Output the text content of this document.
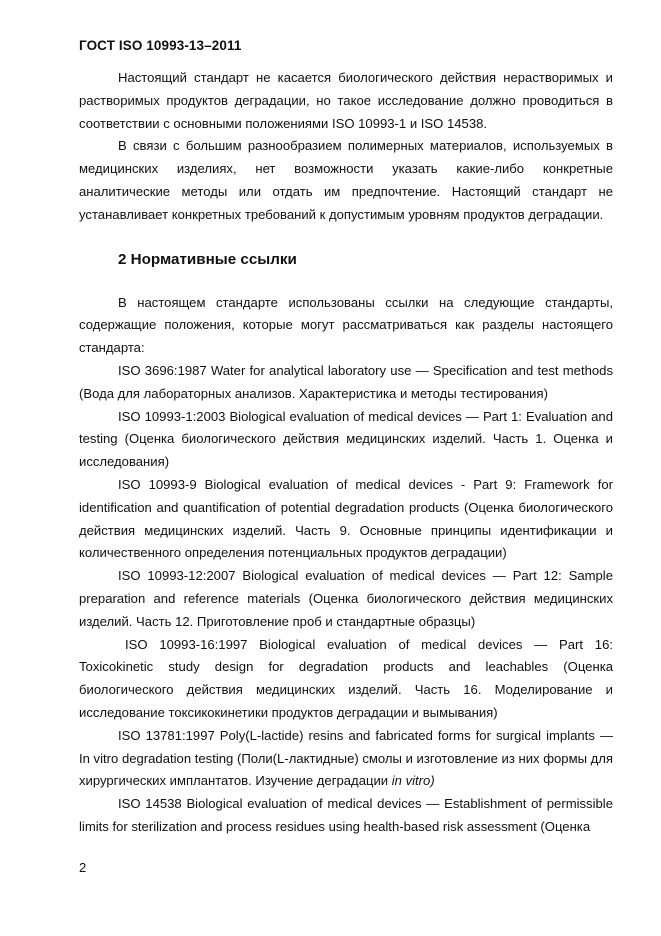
ГОСТ ISO 10993-13–2011

Настоящий стандарт не касается биологического действия нерастворимых и растворимых продуктов деградации, но такое исследование должно проводиться в соответствии с основными положениями ISO 10993-1 и ISO 14538.

В связи с большим разнообразием полимерных материалов, используемых в медицинских изделиях, нет возможности указать какие-либо конкретные аналитические методы или отдать им предпочтение. Настоящий стандарт не устанавливает конкретных требований к допустимым уровням продуктов деградации.

2 Нормативные ссылки

В настоящем стандарте использованы ссылки на следующие стандарты, содержащие положения, которые могут рассматриваться как разделы настоящего стандарта:

ISO 3696:1987 Water for analytical laboratory use — Specification and test methods (Вода для лабораторных анализов. Характеристика и методы тестирования)

ISO 10993-1:2003 Biological evaluation of medical devices — Part 1: Evaluation and testing (Оценка биологического действия медицинских изделий. Часть 1. Оценка и исследования)

ISO 10993-9 Biological evaluation of medical devices - Part 9: Framework for identification and quantification of potential degradation products (Оценка биологического действия медицинских изделий. Часть 9. Основные принципы идентификации и количественного определения потенциальных продуктов деградации)

ISO 10993-12:2007 Biological evaluation of medical devices — Part 12: Sample preparation and reference materials (Оценка биологического действия медицинских изделий. Часть 12. Приготовление проб и стандартные образцы)

ISO 10993-16:1997 Biological evaluation of medical devices — Part 16: Toxicokinetic study design for degradation products and leachables (Оценка биологического действия медицинских изделий. Часть 16. Моделирование и исследование токсикокинетики продуктов деградации и вымывания)

ISO 13781:1997 Poly(L-lactide) resins and fabricated forms for surgical implants — In vitro degradation testing (Поли(L-лактидные) смолы и изготовление из них формы для хирургических имплантатов. Изучение деградации in vitro)

ISO 14538 Biological evaluation of medical devices — Establishment of permissible limits for sterilization and process residues using health-based risk assessment (Оценка

2
